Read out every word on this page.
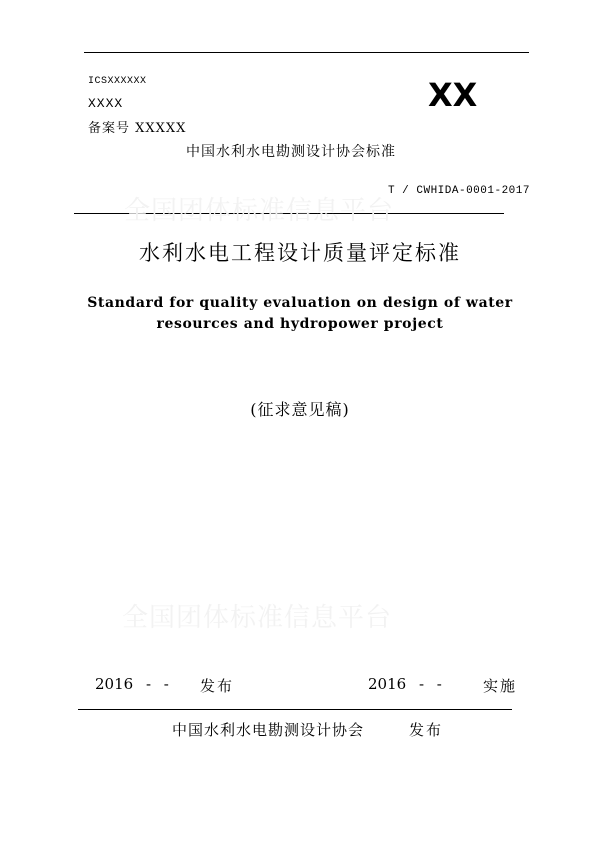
ICSXXXXXX
XXXX
备案号 XXXXX
XX
中国水利水电勘测设计协会标准
T / CWHIDA-0001-2017
全国团体标准信息平台
水利水电工程设计质量评定标准
Standard for quality evaluation on design of water
resources and hydropower project
(征求意见稿)
全国团体标准信息平台
2016 - - 发布	2016 - -	实施
中国水利水电勘测设计协会	发布
